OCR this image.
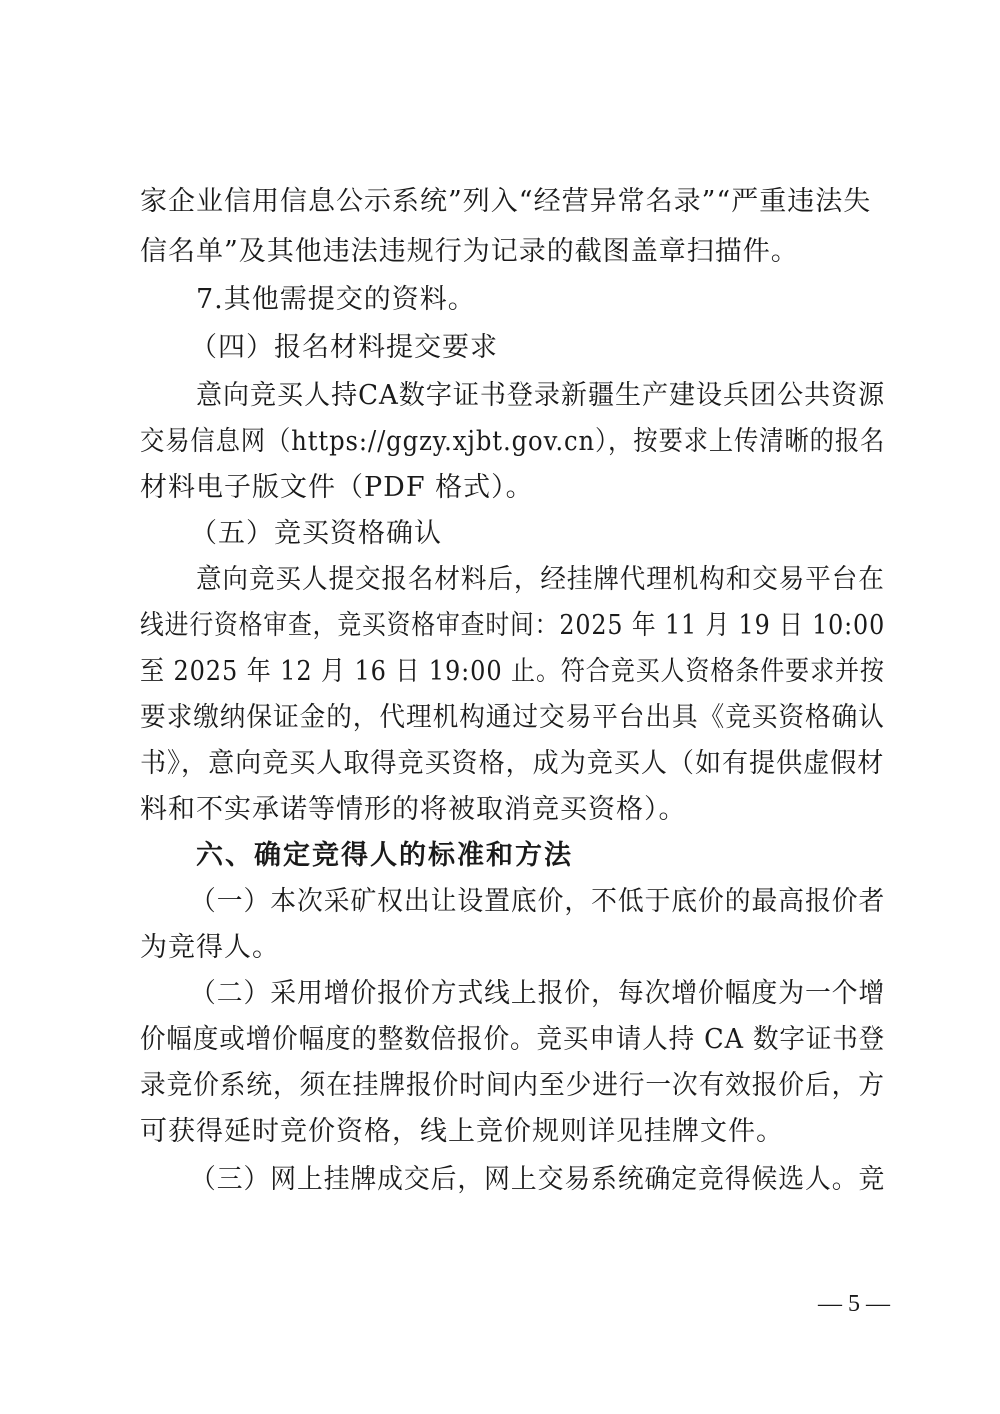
家企业信用信息公示系统”列入“经营异常名录”“严重违法失
信名单”及其他违法违规行为记录的截图盖章扫描件。
7.其他需提交的资料。
（四）报名材料提交要求
意向竞买人持CA数字证书登录新疆生产建设兵团公共资源
交易信息网（https://ggzy.xjbt.gov.cn），按要求上传清晰的报名
材料电子版文件（PDF 格式）。
（五）竞买资格确认
意向竞买人提交报名材料后，经挂牌代理机构和交易平台在
线进行资格审查，竞买资格审查时间：2025 年 11 月 19 日 10:00
至 2025 年 12 月 16 日 19:00 止。符合竞买人资格条件要求并按
要求缴纳保证金的，代理机构通过交易平台出具《竞买资格确认
书》，意向竞买人取得竞买资格，成为竞买人（如有提供虚假材
料和不实承诺等情形的将被取消竞买资格）。
六、确定竞得人的标准和方法
（一）本次采矿权出让设置底价，不低于底价的最高报价者
为竞得人。
（二）采用增价报价方式线上报价，每次增价幅度为一个增
价幅度或增价幅度的整数倍报价。竞买申请人持 CA 数字证书登
录竞价系统，须在挂牌报价时间内至少进行一次有效报价后，方
可获得延时竞价资格，线上竞价规则详见挂牌文件。
（三）网上挂牌成交后，网上交易系统确定竞得候选人。竞
— 5 —
